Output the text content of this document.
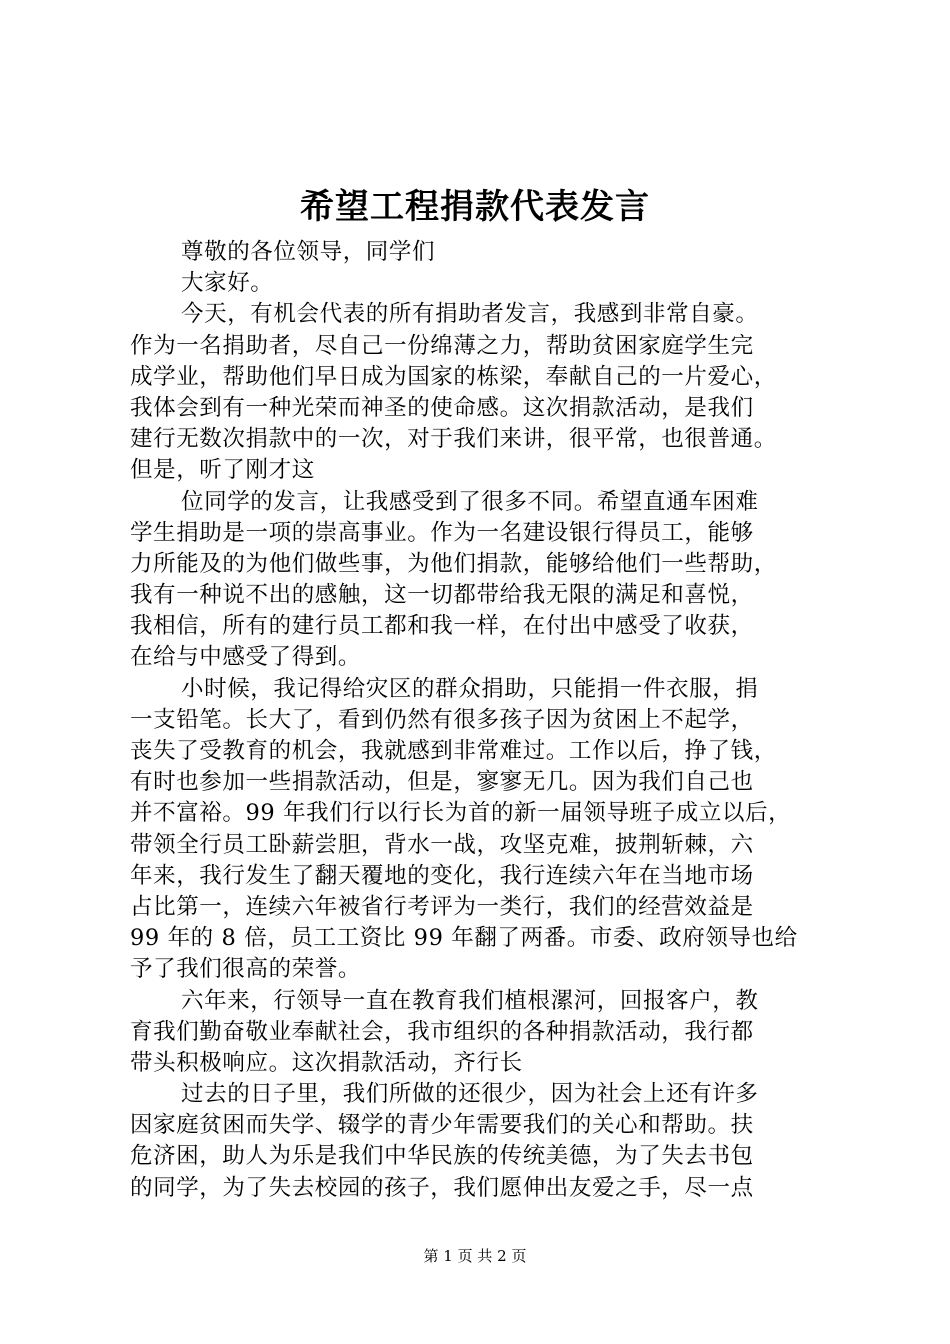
希望工程捐款代表发言
尊敬的各位领导，同学们
大家好。
今天，有机会代表的所有捐助者发言，我感到非常自豪。
作为一名捐助者，尽自己一份绵薄之力，帮助贫困家庭学生完
成学业，帮助他们早日成为国家的栋梁，奉献自己的一片爱心，
我体会到有一种光荣而神圣的使命感。这次捐款活动，是我们
建行无数次捐款中的一次，对于我们来讲，很平常，也很普通。
但是，听了刚才这
位同学的发言，让我感受到了很多不同。希望直通车困难
学生捐助是一项的崇高事业。作为一名建设银行得员工，能够
力所能及的为他们做些事，为他们捐款，能够给他们一些帮助，
我有一种说不出的感触，这一切都带给我无限的满足和喜悦，
我相信，所有的建行员工都和我一样，在付出中感受了收获，
在给与中感受了得到。
小时候，我记得给灾区的群众捐助，只能捐一件衣服，捐
一支铅笔。长大了，看到仍然有很多孩子因为贫困上不起学，
丧失了受教育的机会，我就感到非常难过。工作以后，挣了钱，
有时也参加一些捐款活动，但是，寥寥无几。因为我们自己也
并不富裕。99 年我们行以行长为首的新一届领导班子成立以后，
带领全行员工卧薪尝胆，背水一战，攻坚克难，披荆斩棘，六
年来，我行发生了翻天覆地的变化，我行连续六年在当地市场
占比第一，连续六年被省行考评为一类行，我们的经营效益是
99 年的 8 倍，员工工资比 99 年翻了两番。市委、政府领导也给
予了我们很高的荣誉。
六年来，行领导一直在教育我们植根漯河，回报客户，教
育我们勤奋敬业奉献社会，我市组织的各种捐款活动，我行都
带头积极响应。这次捐款活动，齐行长
过去的日子里，我们所做的还很少，因为社会上还有许多
因家庭贫困而失学、辍学的青少年需要我们的关心和帮助。扶
危济困，助人为乐是我们中华民族的传统美德，为了失去书包
的同学，为了失去校园的孩子，我们愿伸出友爱之手，尽一点
第 1 页 共 2 页
